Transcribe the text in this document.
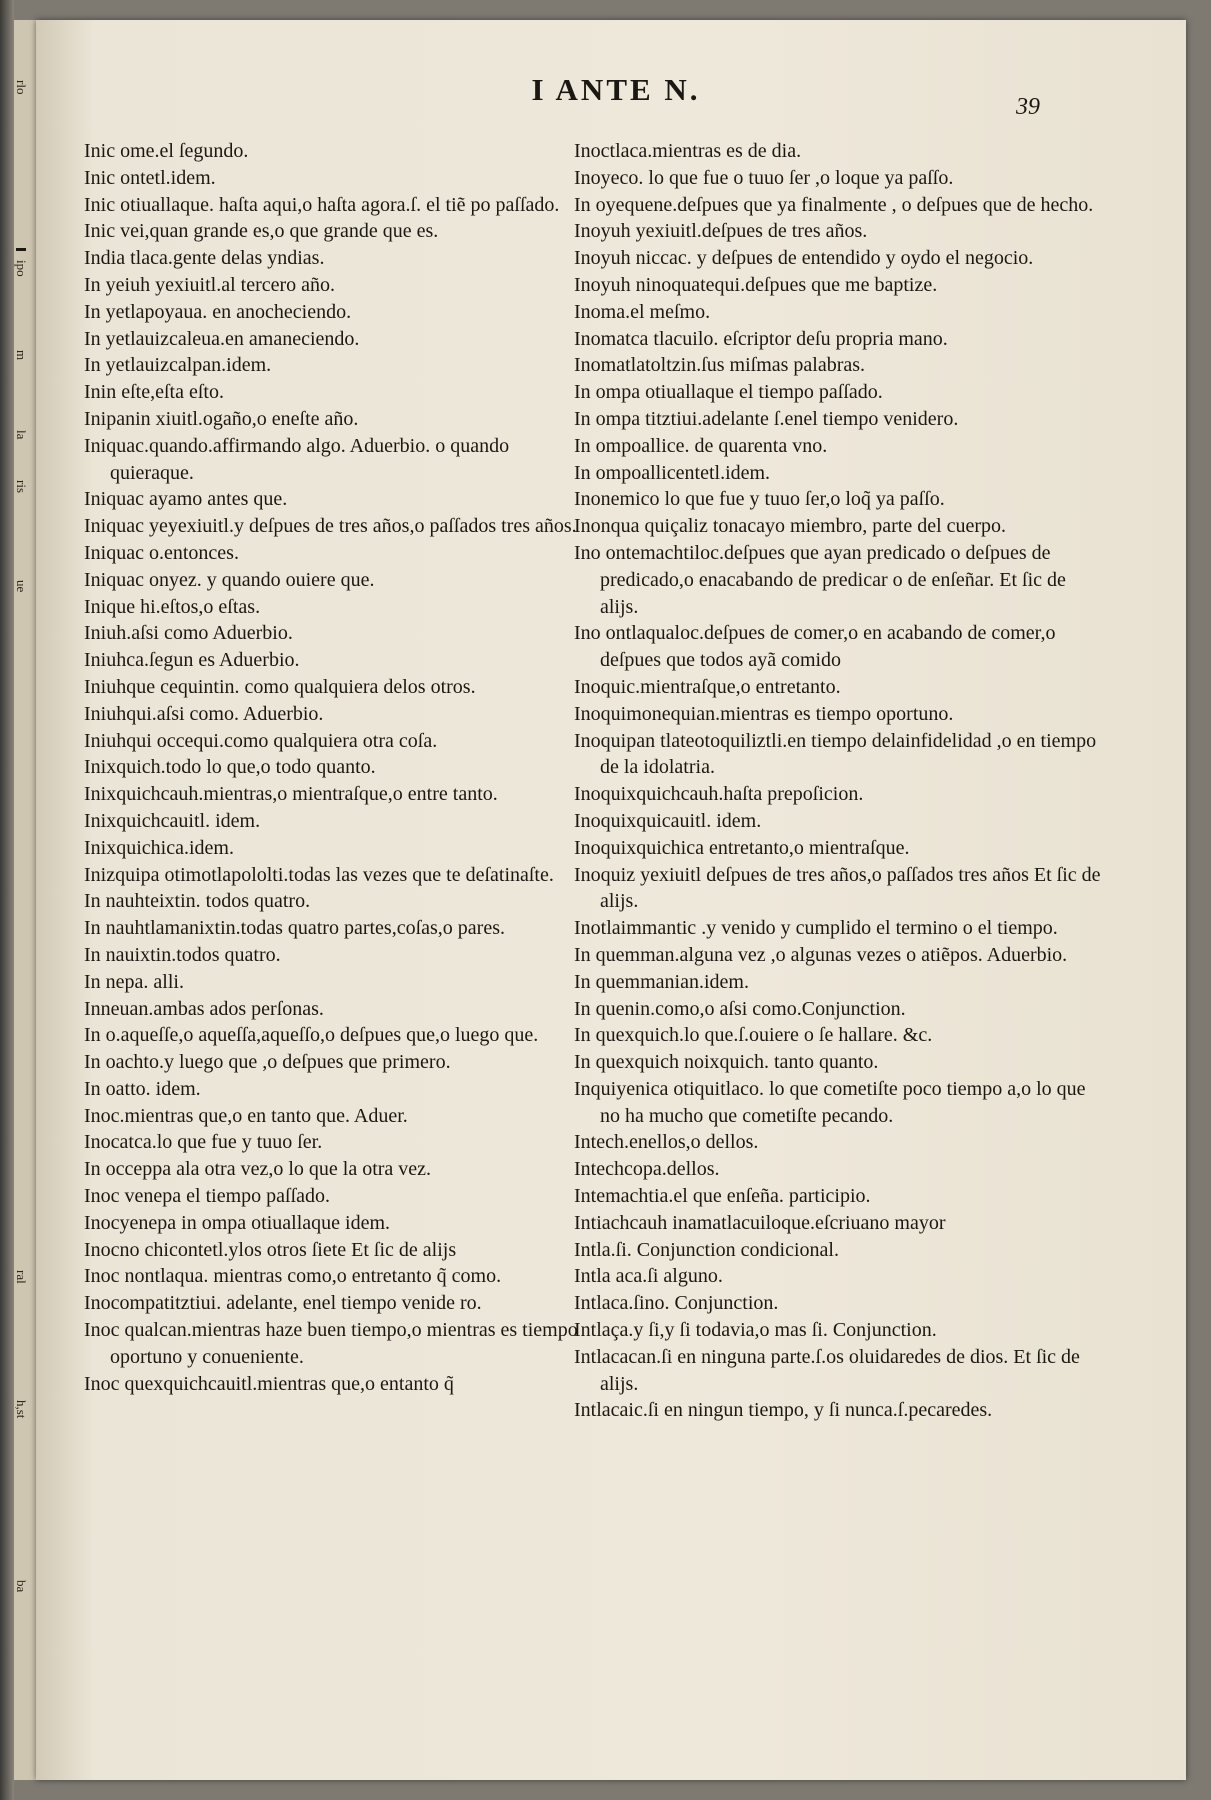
rlo
ipo
m
la
ris
ue
ral
h,st
ba
I ANTE N.	39
Inic ome.el ſegundo.
Inic ontetl.idem.
Inic otiuallaque. haſta aqui,o haſta agora.ſ. el tiẽ po paſſado.
Inic vei,quan grande es,o que grande que es.
India tlaca.gente delas yndias.
In yeiuh yexiuitl.al tercero año.
In yetlapoyaua. en anocheciendo.
In yetlauizcaleua.en amaneciendo.
In yetlauizcalpan.idem.
Inin eſte,eſta eſto.
Inipanin xiuitl.ogaño,o eneſte año.
Iniquac.quando.affirmando algo. Aduerbio. o quando quieraque.
Iniquac ayamo antes que.
Iniquac yeyexiuitl.y deſpues de tres años,o paſſados tres años.
Iniquac o.entonces.
Iniquac onyez. y quando ouiere que.
Inique hi.eſtos,o eſtas.
Iniuh.aſsi como Aduerbio.
Iniuhca.ſegun es Aduerbio.
Iniuhque cequintin. como qualquiera delos otros.
Iniuhqui.aſsi como. Aduerbio.
Iniuhqui occequi.como qualquiera otra coſa.
Inixquich.todo lo que,o todo quanto.
Inixquichcauh.mientras,o mientraſque,o entre tanto.
Inixquichcauitl. idem.
Inixquichica.idem.
Inizquipa otimotlapololti.todas las vezes que te deſatinaſte.
In nauhteixtin. todos quatro.
In nauhtlamanixtin.todas quatro partes,coſas,o pares.
In nauixtin.todos quatro.
In nepa. alli.
Inneuan.ambas ados perſonas.
In o.aqueſſe,o aqueſſa,aqueſſo,o deſpues que,o luego que.
In oachto.y luego que ,o deſpues que primero.
In oatto. idem.
Inoc.mientras que,o en tanto que. Aduer.
Inocatca.lo que fue y tuuo ſer.
In occeppa ala otra vez,o lo que la otra vez.
Inoc venepa el tiempo paſſado.
Inocyenepa in ompa otiuallaque idem.
Inocno chicontetl.ylos otros ſiete Et ſic de alijs
Inoc nontlaqua. mientras como,o entretanto q̃ como.
Inocompatitztiui. adelante, enel tiempo venide ro.
Inoc qualcan.mientras haze buen tiempo,o mientras es tiempo oportuno y conueniente.
Inoc quexquichcauitl.mientras que,o entanto q̃
Inoctlaca.mientras es de dia.
Inoyeco. lo que fue o tuuo ſer ,o loque ya paſſo.
In oyequene.deſpues que ya finalmente , o deſpues que de hecho.
Inoyuh yexiuitl.deſpues de tres años.
Inoyuh niccac. y deſpues de entendido y oydo el negocio.
Inoyuh ninoquatequi.deſpues que me baptize.
Inoma.el meſmo.
Inomatca tlacuilo. eſcriptor deſu propria mano.
Inomatlatoltzin.ſus miſmas palabras.
In ompa otiuallaque el tiempo paſſado.
In ompa titztiui.adelante ſ.enel tiempo venidero.
In ompoallice. de quarenta vno.
In ompoallicentetl.idem.
Inonemico lo que fue y tuuo ſer,o loq̃ ya paſſo.
Inonqua quiçaliz tonacayo miembro, parte del cuerpo.
Ino ontemachtiloc.deſpues que ayan predicado o deſpues de predicado,o enacabando de predicar o de enſeñar. Et ſic de alijs.
Ino ontlaqualoc.deſpues de comer,o en acabando de comer,o deſpues que todos ayã comido
Inoquic.mientraſque,o entretanto.
Inoquimonequian.mientras es tiempo oportuno.
Inoquipan tlateotoquiliztli.en tiempo delainfidelidad ,o en tiempo de la idolatria.
Inoquixquichcauh.haſta prepoſicion.
Inoquixquicauitl. idem.
Inoquixquichica entretanto,o mientraſque.
Inoquiz yexiuitl deſpues de tres años,o paſſados tres años Et ſic de alijs.
Inotlaimmantic .y venido y cumplido el termino o el tiempo.
In quemman.alguna vez ,o algunas vezes o atiẽpos. Aduerbio.
In quemmanian.idem.
In quenin.como,o aſsi como.Conjunction.
In quexquich.lo que.ſ.ouiere o ſe hallare. &c.
In quexquich noixquich. tanto quanto.
Inquiyenica otiquitlaco. lo que cometiſte poco tiempo a,o lo que no ha mucho que cometiſte pecando.
Intech.enellos,o dellos.
Intechcopa.dellos.
Intemachtia.el que enſeña. participio.
Intiachcauh inamatlacuiloque.eſcriuano mayor
Intla.ſi. Conjunction condicional.
Intla aca.ſi alguno.
Intlaca.ſino. Conjunction.
Intlaça.y ſi,y ſi todavia,o mas ſi. Conjunction.
Intlacacan.ſi en ninguna parte.ſ.os oluidaredes de dios. Et ſic de alijs.
Intlacaic.ſi en ningun tiempo, y ſi nunca.ſ.pecaredes.
